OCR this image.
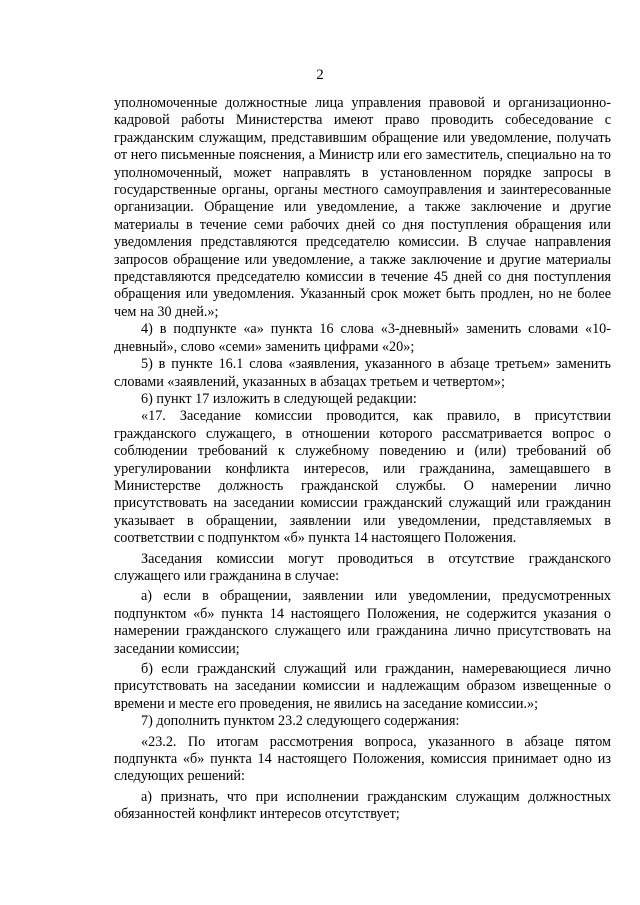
2

уполномоченные должностные лица управления правовой и организационно-кадровой работы Министерства имеют право проводить собеседование с гражданским служащим, представившим обращение или уведомление, получать от него письменные пояснения, а Министр или его заместитель, специально на то уполномоченный, может направлять в установленном порядке запросы в государственные органы, органы местного самоуправления и заинтересованные организации. Обращение или уведомление, а также заключение и другие материалы в течение семи рабочих дней со дня поступления обращения или уведомления представляются председателю комиссии. В случае направления запросов обращение или уведомление, а также заключение и другие материалы представляются председателю комиссии в течение 45 дней со дня поступления обращения или уведомления. Указанный срок может быть продлен, но не более чем на 30 дней.»;

4) в подпункте «а» пункта 16 слова «3-дневный» заменить словами «10-дневный», слово «семи» заменить цифрами «20»;

5) в пункте 16.1 слова «заявления, указанного в абзаце третьем» заменить словами «заявлений, указанных в абзацах третьем и четвертом»;

6) пункт 17 изложить в следующей редакции:

«17. Заседание комиссии проводится, как правило, в присутствии гражданского служащего, в отношении которого рассматривается вопрос о соблюдении требований к служебному поведению и (или) требований об урегулировании конфликта интересов, или гражданина, замещавшего в Министерстве должность гражданской службы. О намерении лично присутствовать на заседании комиссии гражданский служащий или гражданин указывает в обращении, заявлении или уведомлении, представляемых в соответствии с подпунктом «б» пункта 14 настоящего Положения.

Заседания комиссии могут проводиться в отсутствие гражданского служащего или гражданина в случае:

а) если в обращении, заявлении или уведомлении, предусмотренных подпунктом «б» пункта 14 настоящего Положения, не содержится указания о намерении гражданского служащего или гражданина лично присутствовать на заседании комиссии;

б) если гражданский служащий или гражданин, намеревающиеся лично присутствовать на заседании комиссии и надлежащим образом извещенные о времени и месте его проведения, не явились на заседание комиссии.»;

7) дополнить пунктом 23.2 следующего содержания:

«23.2. По итогам рассмотрения вопроса, указанного в абзаце пятом подпункта «б» пункта 14 настоящего Положения, комиссия принимает одно из следующих решений:

а) признать, что при исполнении гражданским служащим должностных обязанностей конфликт интересов отсутствует;
